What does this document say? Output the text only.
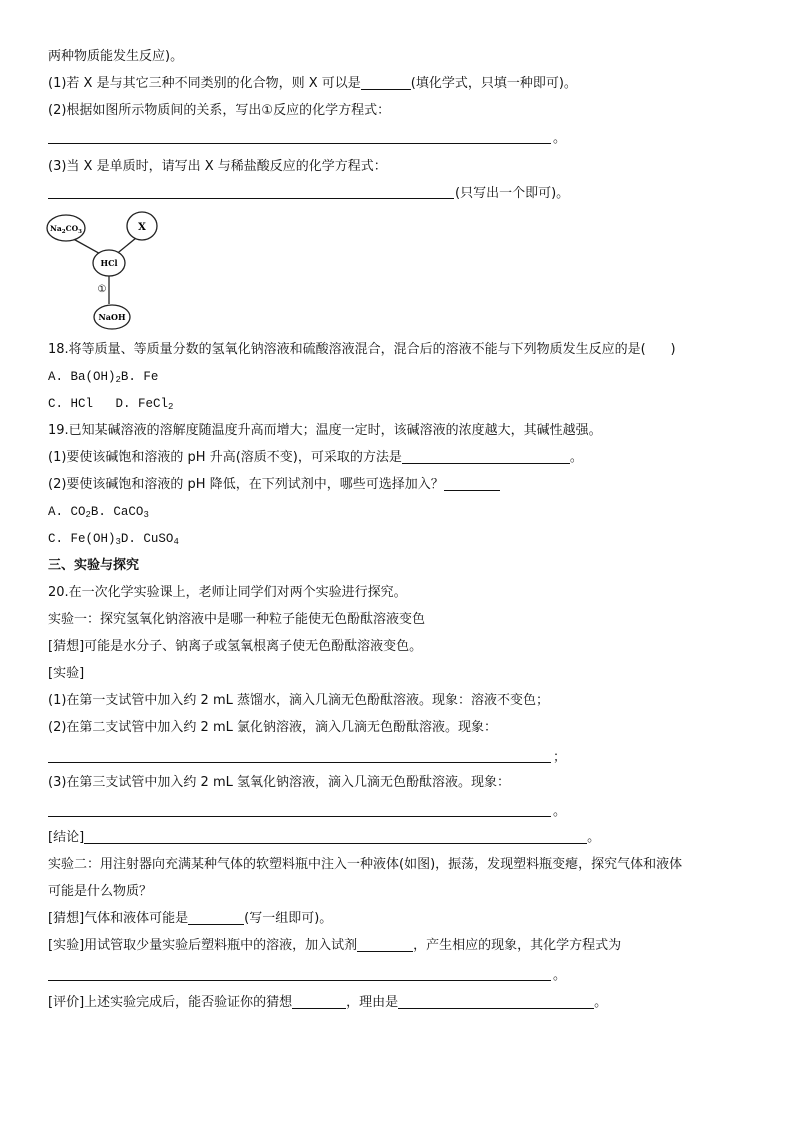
两种物质能发生反应)。
(1)若 X 是与其它三种不同类别的化合物，则 X 可以是	(填化学式，只填一种即可)。
(2)根据如图所示物质间的关系，写出①反应的化学方程式：
。
(3)当 X 是单质时，请写出 X 与稀盐酸反应的化学方程式：
(只写出一个即可)。
$Na_2CO_3$	X
HCl
①
NaOH
18.将等质量、等质量分数的氢氧化钠溶液和硫酸溶液混合，混合后的溶液不能与下列物质发生反应的是(      )
A. $Ba(OH)_2B$. Fe
C. HCl   D. FeCl$_2$
19.已知某碱溶液的溶解度随温度升高而增大；温度一定时，该碱溶液的浓度越大，其碱性越强。
(1)要使该碱饱和溶液的 pH 升高(溶质不变)，可采取的方法是	。
(2)要使该碱饱和溶液的 pH 降低，在下列试剂中，哪些可选择加入？
A. $CO_2B$. CaCO$_3$
C. $Fe(OH)_3D$. CuSO$_4$
三、实验与探究
20.在一次化学实验课上，老师让同学们对两个实验进行探究。
实验一：探究氢氧化钠溶液中是哪一种粒子能使无色酚酞溶液变色
[猜想]可能是水分子、钠离子或氢氧根离子使无色酚酞溶液变色。
[实验]
(1)在第一支试管中加入约 2 mL 蒸馏水，滴入几滴无色酚酞溶液。现象：溶液不变色；
(2)在第二支试管中加入约 2 mL 氯化钠溶液，滴入几滴无色酚酞溶液。现象：
；
(3)在第三支试管中加入约 2 mL 氢氧化钠溶液，滴入几滴无色酚酞溶液。现象：
。
[结论]	。
实验二：用注射器向充满某种气体的软塑料瓶中注入一种液体(如图)，振荡，发现塑料瓶变瘪，探究气体和液体
可能是什么物质？
[猜想]气体和液体可能是	(写一组即可)。
[实验]用试管取少量实验后塑料瓶中的溶液，加入试剂	，产生相应的现象，其化学方程式为
。
[评价]上述实验完成后，能否验证你的猜想	，理由是	。
